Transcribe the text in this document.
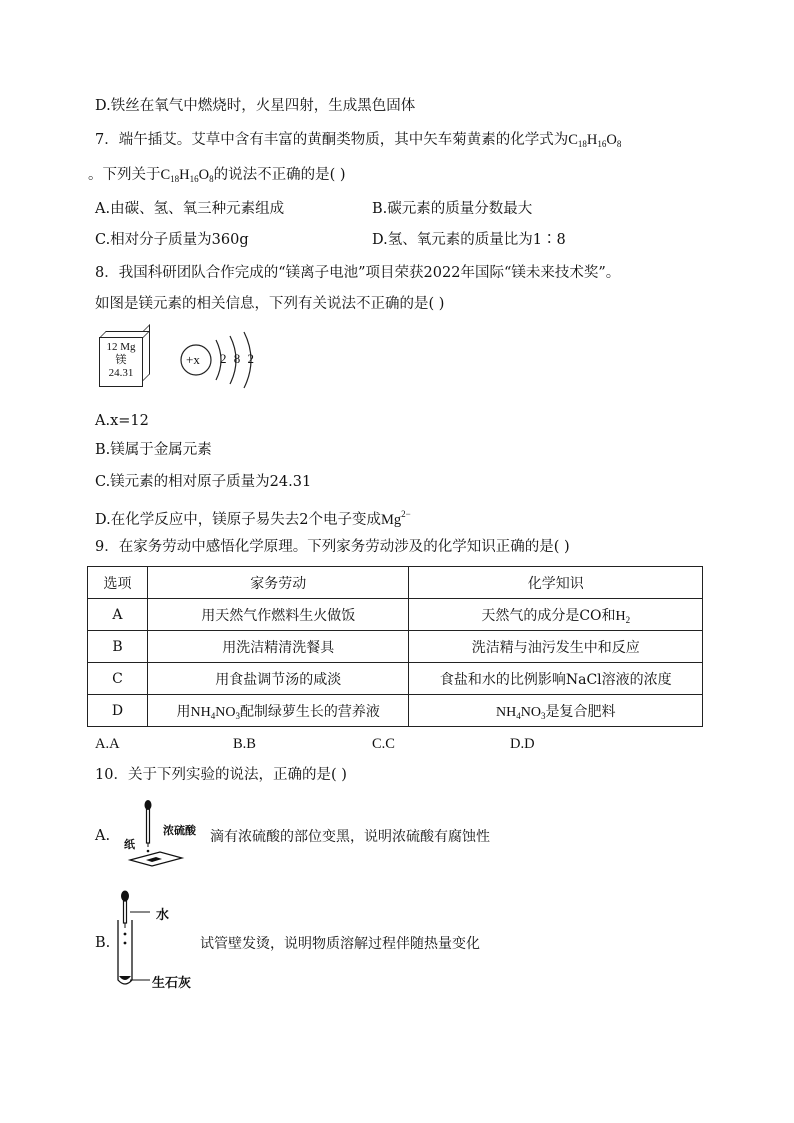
D.铁丝在氧气中燃烧时，火星四射，生成黑色固体
7．端午插艾。艾草中含有丰富的黄酮类物质，其中矢车菊黄素的化学式为$C_{18}H_{16}O_8$
。下列关于$C_{18}H_{16}O_8$的说法不正确的是( )
A.由碳、氢、氧三种元素组成	B.碳元素的质量分数最大
C.相对分子质量为360g	D.氢、氧元素的质量比为1∶8
8．我国科研团队合作完成的“镁离子电池”项目荣获2022年国际“镁未来技术奖”。
如图是镁元素的相关信息，下列有关说法不正确的是( )
12 Mg
镁
24.31
+x 2 8 2
A.x=12
B.镁属于金属元素
C.镁元素的相对原子质量为24.31
D.在化学反应中，镁原子易失去2个电子变成$Mg^{2-}$
9．在家务劳动中感悟化学原理。下列家务劳动涉及的化学知识正确的是( )
选项	家务劳动	化学知识
A	用天然气作燃料生火做饭	天然气的成分是CO和$H_2$
B	用洗洁精清洗餐具	洗洁精与油污发生中和反应
C	用食盐调节汤的咸淡	食盐和水的比例影响NaCl溶液的浓度
D	用$NH_4NO_3$配制绿萝生长的营养液	$NH_4NO_3$是复合肥料
A.A	B.B	C.C	D.D
10．关于下列实验的说法，正确的是( )
A.	浓硫酸
纸	滴有浓硫酸的部位变黑，说明浓硫酸有腐蚀性
B.
水
生石灰
试管壁发烫，说明物质溶解过程伴随热量变化
